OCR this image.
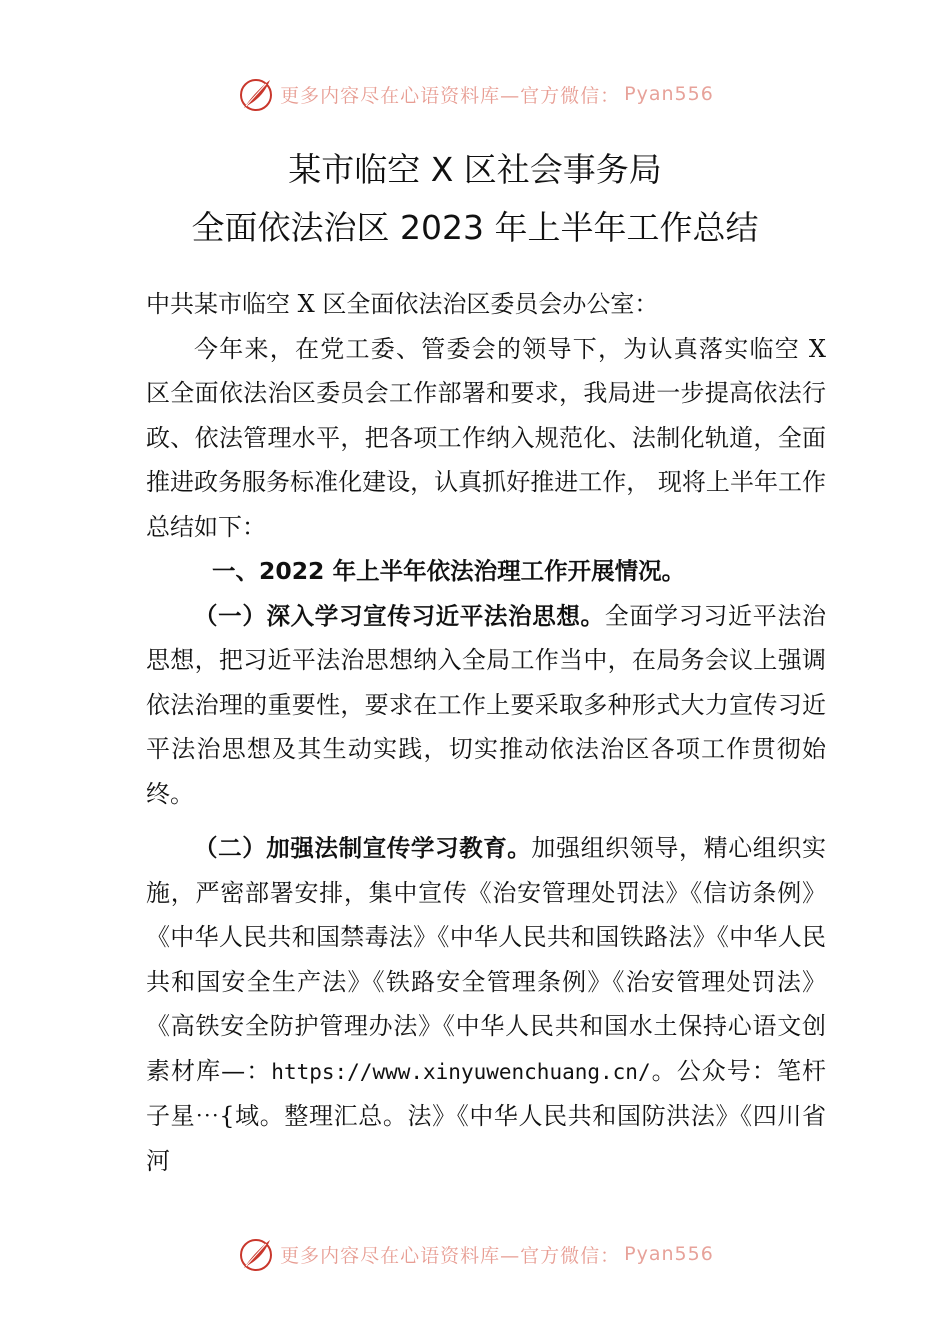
更多内容尽在心语资料库—官方微信： Pyan556
某市临空 X 区社会事务局
全面依法治区 2023 年上半年工作总结

中共某市临空 X 区全面依法治区委员会办公室：

今年来，在党工委、管委会的领导下，为认真落实临空 X 区全面依法治区委员会工作部署和要求，我局进一步提高依法行政、依法管理水平，把各项工作纳入规范化、法制化轨道，全面推进政务服务标准化建设，认真抓好推进工作， 现将上半年工作总结如下：

一、2022 年上半年依法治理工作开展情况。

（一）深入学习宣传习近平法治思想。全面学习习近平法治思想，把习近平法治思想纳入全局工作当中，在局务会议上强调依法治理的重要性，要求在工作上要采取多种形式大力宣传习近平法治思想及其生动实践，切实推动依法治区各项工作贯彻始终。

（二）加强法制宣传学习教育。加强组织领导，精心组织实施，严密部署安排，集中宣传《治安管理处罚法》《信访条例》《中华人民共和国禁毒法》《中华人民共和国铁路法》《中华人民共和国安全生产法》《铁路安全管理条例》《治安管理处罚法》《高铁安全防护管理办法》《中华人民共和国水土保持心语文创素材库—：https://www.xinyuwenchuang.cn/。公众号：笔杆子星⋯{域。整理汇总。法》《中华人民共和国防洪法》《四川省河

更多内容尽在心语资料库—官方微信： Pyan556
